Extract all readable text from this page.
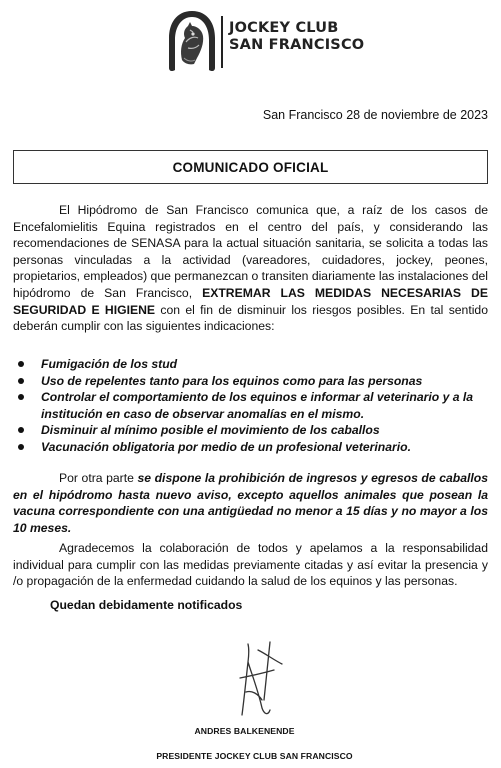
JOCKEY CLUB
SAN FRANCISCO
San Francisco 28 de noviembre de 2023
COMUNICADO OFICIAL
El Hipódromo de San Francisco comunica que, a raíz de los casos de Encefalomielitis Equina registrados en el centro del país, y considerando las recomendaciones de SENASA para la actual situación sanitaria, se solicita a todas las personas vinculadas a la actividad (vareadores, cuidadores, jockey, peones, propietarios, empleados) que permanezcan o transiten diariamente las instalaciones del hipódromo de San Francisco, EXTREMAR LAS MEDIDAS NECESARIAS DE SEGURIDAD E HIGIENE con el fin de disminuir los riesgos posibles. En tal sentido deberán cumplir con las siguientes indicaciones:
Fumigación de los stud
Uso de repelentes tanto para los equinos como para las personas
Controlar el comportamiento de los equinos e informar al veterinario y a la institución en caso de observar anomalías en el mismo.
Disminuir al mínimo posible el movimiento de los caballos
Vacunación obligatoria por medio de un profesional veterinario.
Por otra parte se dispone la prohibición de ingresos y egresos de caballos en el hipódromo hasta nuevo aviso, excepto aquellos animales que posean la vacuna correspondiente con una antigüedad no menor a 15 días y no mayor a los 10 meses.
Agradecemos la colaboración de todos y apelamos a la responsabilidad individual para cumplir con las medidas previamente citadas y así evitar la presencia y /o propagación de la enfermedad cuidando la salud de los equinos y las personas.
Quedan debidamente notificados
ANDRES BALKENENDE
PRESIDENTE JOCKEY CLUB SAN FRANCISCO
